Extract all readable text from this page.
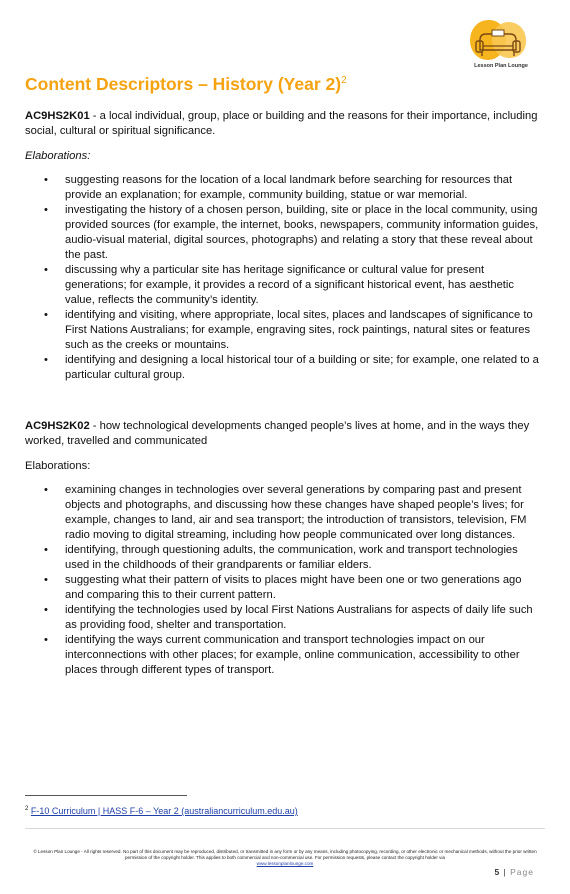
Lesson Plan Lounge
Content Descriptors – History (Year 2)$^2$

AC9HS2K01 - a local individual, group, place or building and the reasons for their importance, including social, cultural or spiritual significance.

Elaborations:

• suggesting reasons for the location of a local landmark before searching for resources that provide an explanation; for example, community building, statue or war memorial.
• investigating the history of a chosen person, building, site or place in the local community, using provided sources (for example, the internet, books, newspapers, community information guides, audio-visual material, digital sources, photographs) and relating a story that these reveal about the past.
• discussing why a particular site has heritage significance or cultural value for present generations; for example, it provides a record of a significant historical event, has aesthetic value, reflects the community’s identity.
• identifying and visiting, where appropriate, local sites, places and landscapes of significance to First Nations Australians; for example, engraving sites, rock paintings, natural sites or features such as the creeks or mountains.
• identifying and designing a local historical tour of a building or site; for example, one related to a particular cultural group.

AC9HS2K02 - how technological developments changed people’s lives at home, and in the ways they worked, travelled and communicated

Elaborations:

• examining changes in technologies over several generations by comparing past and present objects and photographs, and discussing how these changes have shaped people’s lives; for example, changes to land, air and sea transport; the introduction of transistors, television, FM radio moving to digital streaming, including how people communicated over long distances.
• identifying, through questioning adults, the communication, work and transport technologies used in the childhoods of their grandparents or familiar elders.
• suggesting what their pattern of visits to places might have been one or two generations ago and comparing this to their current pattern.
• identifying the technologies used by local First Nations Australians for aspects of daily life such as providing food, shelter and transportation.
• identifying the ways current communication and transport technologies impact on our interconnections with other places; for example, online communication, accessibility to other places through different types of transport.
$^2$ F-10 Curriculum | HASS F-6 – Year 2 (australiancurriculum.edu.au)
© Lesson Plan Lounge - All rights reserved. No part of this document may be reproduced, distributed, or transmitted in any form or by any means, including photocopying, recording, or other electronic or mechanical methods, without the prior written permission of the copyright holder. This applies to both commercial and non-commercial use. For permission requests, please contact the copyright holder via
www.lessonplanlounge.com
5 | Page
